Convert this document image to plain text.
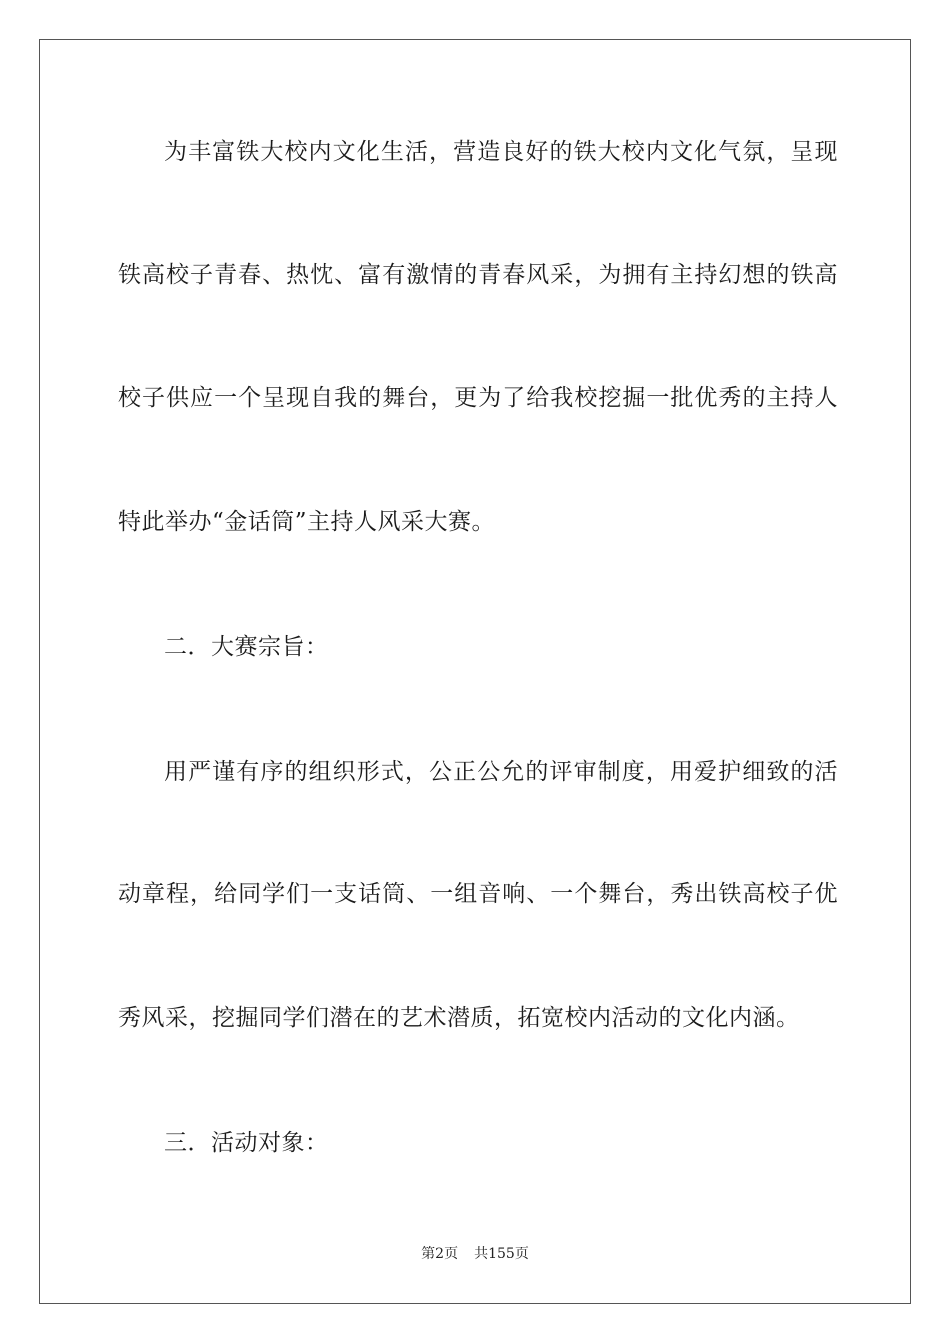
为丰富铁大校内文化生活，营造良好的铁大校内文化气氛，呈现
铁高校子青春、热忱、富有激情的青春风采，为拥有主持幻想的铁高
校子供应一个呈现自我的舞台，更为了给我校挖掘一批优秀的主持人
特此举办“金话筒”主持人风采大赛。
二．大赛宗旨：
用严谨有序的组织形式，公正公允的评审制度，用爱护细致的活
动章程，给同学们一支话筒、一组音响、一个舞台，秀出铁高校子优
秀风采，挖掘同学们潜在的艺术潜质，拓宽校内活动的文化内涵。
三．活动对象：
第2页 共155页
